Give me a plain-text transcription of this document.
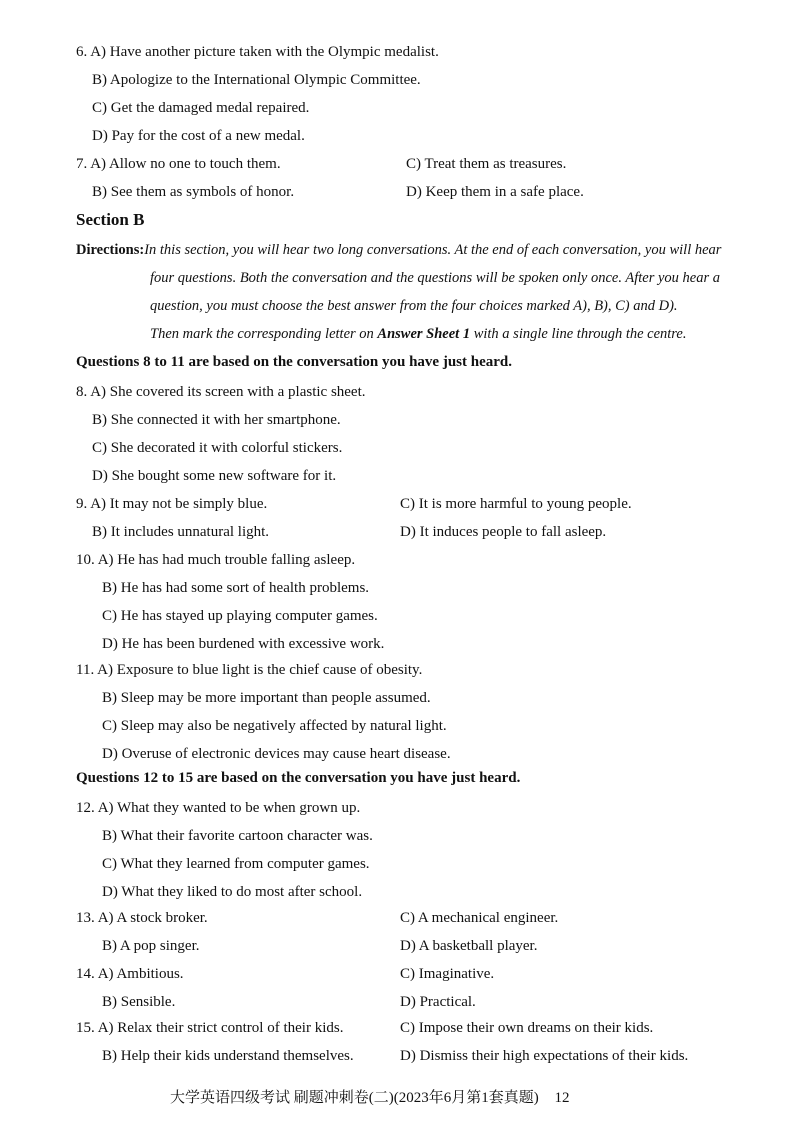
6. A) Have another picture taken with the Olympic medalist.
B) Apologize to the International Olympic Committee.
C) Get the damaged medal repaired.
D) Pay for the cost of a new medal.
7. A) Allow no one to touch them.	C) Treat them as treasures.
B) See them as symbols of honor.	D) Keep them in a safe place.
Section B
Directions:In this section, you will hear two long conversations. At the end of each conversation, you will hear
four questions. Both the conversation and the questions will be spoken only once. After you hear a
question, you must choose the best answer from the four choices marked A), B), C) and D).
Then mark the corresponding letter on Answer Sheet 1 with a single line through the centre.
Questions 8 to 11 are based on the conversation you have just heard.
8. A) She covered its screen with a plastic sheet.
B) She connected it with her smartphone.
C) She decorated it with colorful stickers.
D) She bought some new software for it.
9. A) It may not be simply blue.	C) It is more harmful to young people.
B) It includes unnatural light.	D) It induces people to fall asleep.
10. A) He has had much trouble falling asleep.
B) He has had some sort of health problems.
C) He has stayed up playing computer games.
D) He has been burdened with excessive work.
11. A) Exposure to blue light is the chief cause of obesity.
B) Sleep may be more important than people assumed.
C) Sleep may also be negatively affected by natural light.
D) Overuse of electronic devices may cause heart disease.
Questions 12 to 15 are based on the conversation you have just heard.
12. A) What they wanted to be when grown up.
B) What their favorite cartoon character was.
C) What they learned from computer games.
D) What they liked to do most after school.
13. A) A stock broker.	C) A mechanical engineer.
B) A pop singer.	D) A basketball player.
14. A) Ambitious.	C) Imaginative.
B) Sensible.	D) Practical.
15. A) Relax their strict control of their kids.	C) Impose their own dreams on their kids.
B) Help their kids understand themselves.	D) Dismiss their high expectations of their kids.
大学英语四级考试 刷题冲刺卷(二)(2023年6月第1套真题) 12
